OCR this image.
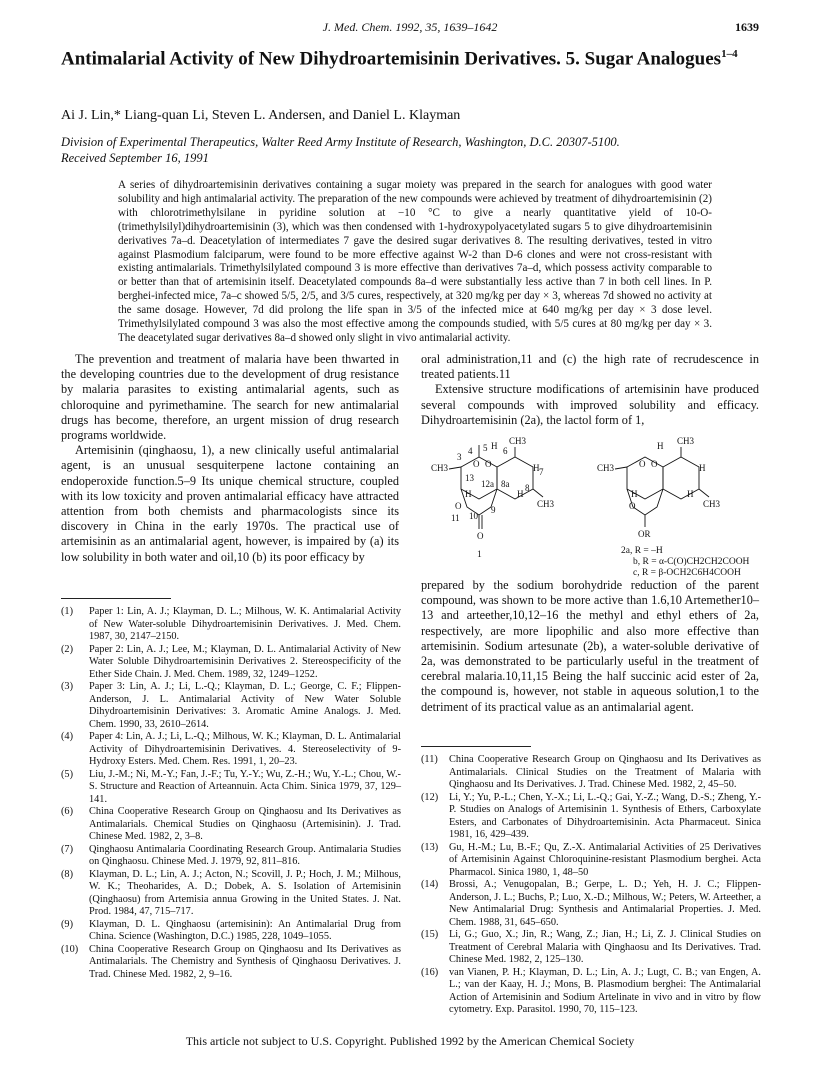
J. Med. Chem. 1992, 35, 1639–1642	1639
Antimalarial Activity of New Dihydroartemisinin Derivatives. 5. Sugar Analogues$^{1-4}$

Ai J. Lin,* Liang-quan Li, Steven L. Andersen, and Daniel L. Klayman

Division of Experimental Therapeutics, Walter Reed Army Institute of Research, Washington, D.C. 20307-5100.
Received September 16, 1991

A series of dihydroartemisinin derivatives containing a sugar moiety was prepared in the search for analogues with good water solubility and high antimalarial activity. The preparation of the new compounds were achieved by treatment of dihydroartemisinin (2) with chlorotrimethylsilane in pyridine solution at −10 °C to give a nearly quantitative yield of 10-O-(trimethylsilyl)dihydroartemisinin (3), which was then condensed with 1-hydroxypolyacetylated sugars 5 to give dihydroartemisinin derivatives 7a–d. Deacetylation of intermediates 7 gave the desired sugar derivatives 8. The resulting derivatives, tested in vitro against Plasmodium falciparum, were found to be more effective against W-2 than D-6 clones and were not cross-resistant with existing antimalarials. Trimethylsilylated compound 3 is more effective than derivatives 7a–d, which possess activity comparable to or better than that of artemisinin itself. Deacetylated compounds 8a–d were substantially less active than 7 in both cell lines. In P. berghei-infected mice, 7a–c showed 5/5, 2/5, and 3/5 cures, respectively, at 320 mg/kg per day × 3, whereas 7d showed no activity at the same dosage. However, 7d did prolong the life span in 3/5 of the infected mice at 640 mg/kg per day × 3 dose level. Trimethylsilylated compound 3 was also the most effective among the compounds studied, with 5/5 cures at 80 mg/kg per day × 3. The deacetylated sugar derivatives 8a–d showed only slight in vivo antimalarial activity.

The prevention and treatment of malaria have been thwarted in the developing countries due to the development of drug resistance by malaria parasites to existing antimalarial agents, such as chloroquine and pyrimethamine. The search for new antimalarial drugs has become, therefore, an urgent mission of drug research programs worldwide.

Artemisinin (qinghaosu, 1), a new clinically useful antimalarial agent, is an unusual sesquiterpene lactone containing an endoperoxide function.5–9 Its unique chemical structure, coupled with its low toxicity and proven antimalarial efficacy have attracted attention from both chemists and pharmacologists since its discovery in China in the early 1970s. The practical use of artemisinin as an antimalarial agent, however, is impaired by (a) its low solubility in both water and oil,10 (b) its poor efficacy by

oral administration,11 and (c) the high rate of recrudescence in treated patients.11

Extensive structure modifications of artemisinin have produced several compounds with improved solubility and efficacy. Dihydroartemisinin (2a), the lactol form of 1,

prepared by the sodium borohydride reduction of the parent compound, was shown to be more active than 1.6,10 Artemether10–13 and arteether,10,12–16 the methyl and ethyl ethers of 2a, respectively, are more lipophilic and also more effective than artemisinin. Sodium artesunate (2b), a water-soluble derivative of 2a, was demonstrated to be particularly useful in the treatment of cerebral malaria.10,11,15 Being the half succinic acid ester of 2a, the compound is, however, not stable in aqueous solution,1 to the detriment of its practical value as an antimalarial agent.

CH3
CH3
CH3
O O
O
O
H
H
H	H
3
4 5 6
7
8
8a
9
10
11
12a
13
1
CH3
CH3
CH3
O O
O
H
H
H	H
OR
2a, R = –H
b, R = α-C(O)CH2CH2COOH
c, R = β-OCH2C6H4COOH
(1) Paper 1: Lin, A. J.; Klayman, D. L.; Milhous, W. K. Antimalarial Activity of New Water-soluble Dihydroartemisinin Derivatives. J. Med. Chem. 1987, 30, 2147–2150.
(2) Paper 2: Lin, A. J.; Lee, M.; Klayman, D. L. Antimalarial Activity of New Water Soluble Dihydroartemisinin Derivatives 2. Stereospecificity of the Ether Side Chain. J. Med. Chem. 1989, 32, 1249–1252.
(3) Paper 3: Lin, A. J.; Li, L.-Q.; Klayman, D. L.; George, C. F.; Flippen-Anderson, J. L. Antimalarial Activity of New Water Soluble Dihydroartemisinin Derivatives: 3. Aromatic Amine Analogs. J. Med. Chem. 1990, 33, 2610–2614.
(4) Paper 4: Lin, A. J.; Li, L.-Q.; Milhous, W. K.; Klayman, D. L. Antimalarial Activity of Dihydroartemisinin Derivatives. 4. Stereoselectivity of 9-Hydroxy Esters. Med. Chem. Res. 1991, 1, 20–23.
(5) Liu, J.-M.; Ni, M.-Y.; Fan, J.-F.; Tu, Y.-Y.; Wu, Z.-H.; Wu, Y.-L.; Chou, W.-S. Structure and Reaction of Arteannuin. Acta Chim. Sinica 1979, 37, 129–141.
(6) China Cooperative Research Group on Qinghaosu and Its Derivatives as Antimalarials. Chemical Studies on Qinghaosu (Artemisinin). J. Trad. Chinese Med. 1982, 2, 3–8.
(7) Qinghaosu Antimalaria Coordinating Research Group. Antimalaria Studies on Qinghaosu. Chinese Med. J. 1979, 92, 811–816.
(8) Klayman, D. L.; Lin, A. J.; Acton, N.; Scovill, J. P.; Hoch, J. M.; Milhous, W. K.; Theoharides, A. D.; Dobek, A. S. Isolation of Artemisinin (Qinghaosu) from Artemisia annua Growing in the United States. J. Nat. Prod. 1984, 47, 715–717.
(9) Klayman, D. L. Qinghaosu (artemisinin): An Antimalarial Drug from China. Science (Washington, D.C.) 1985, 228, 1049–1055.
(10) China Cooperative Research Group on Qinghaosu and Its Derivatives as Antimalarials. The Chemistry and Synthesis of Qinghaosu Derivatives. J. Trad. Chinese Med. 1982, 2, 9–16.
(11) China Cooperative Research Group on Qinghaosu and Its Derivatives as Antimalarials. Clinical Studies on the Treatment of Malaria with Qinghaosu and Its Derivatives. J. Trad. Chinese Med. 1982, 2, 45–50.
(12) Li, Y.; Yu, P.-L.; Chen, Y.-X.; Li, L.-Q.; Gai, Y.-Z.; Wang, D.-S.; Zheng, Y.-P. Studies on Analogs of Artemisinin 1. Synthesis of Ethers, Carboxylate Esters, and Carbonates of Dihydroartemisinin. Acta Pharmaceut. Sinica 1981, 16, 429–439.
(13) Gu, H.-M.; Lu, B.-F.; Qu, Z.-X. Antimalarial Activities of 25 Derivatives of Artemisinin Against Chloroquinine-resistant Plasmodium berghei. Acta Pharmacol. Sinica 1980, 1, 48–50
(14) Brossi, A.; Venugopalan, B.; Gerpe, L. D.; Yeh, H. J. C.; Flippen-Anderson, J. L.; Buchs, P.; Luo, X.-D.; Milhous, W.; Peters, W. Arteether, a New Antimalarial Drug: Synthesis and Antimalarial Properties. J. Med. Chem. 1988, 31, 645–650.
(15) Li, G.; Guo, X.; Jin, R.; Wang, Z.; Jian, H.; Li, Z. J. Clinical Studies on Treatment of Cerebral Malaria with Qinghaosu and Its Derivatives. Trad. Chinese Med. 1982, 2, 125–130.
(16) van Vianen, P. H.; Klayman, D. L.; Lin, A. J.; Lugt, C. B.; van Engen, A. L.; van der Kaay, H. J.; Mons, B. Plasmodium berghei: The Antimalarial Action of Artemisinin and Sodium Artelinate in vivo and in vitro by flow cytometry. Exp. Parasitol. 1990, 70, 115–123.
This article not subject to U.S. Copyright. Published 1992 by the American Chemical Society
